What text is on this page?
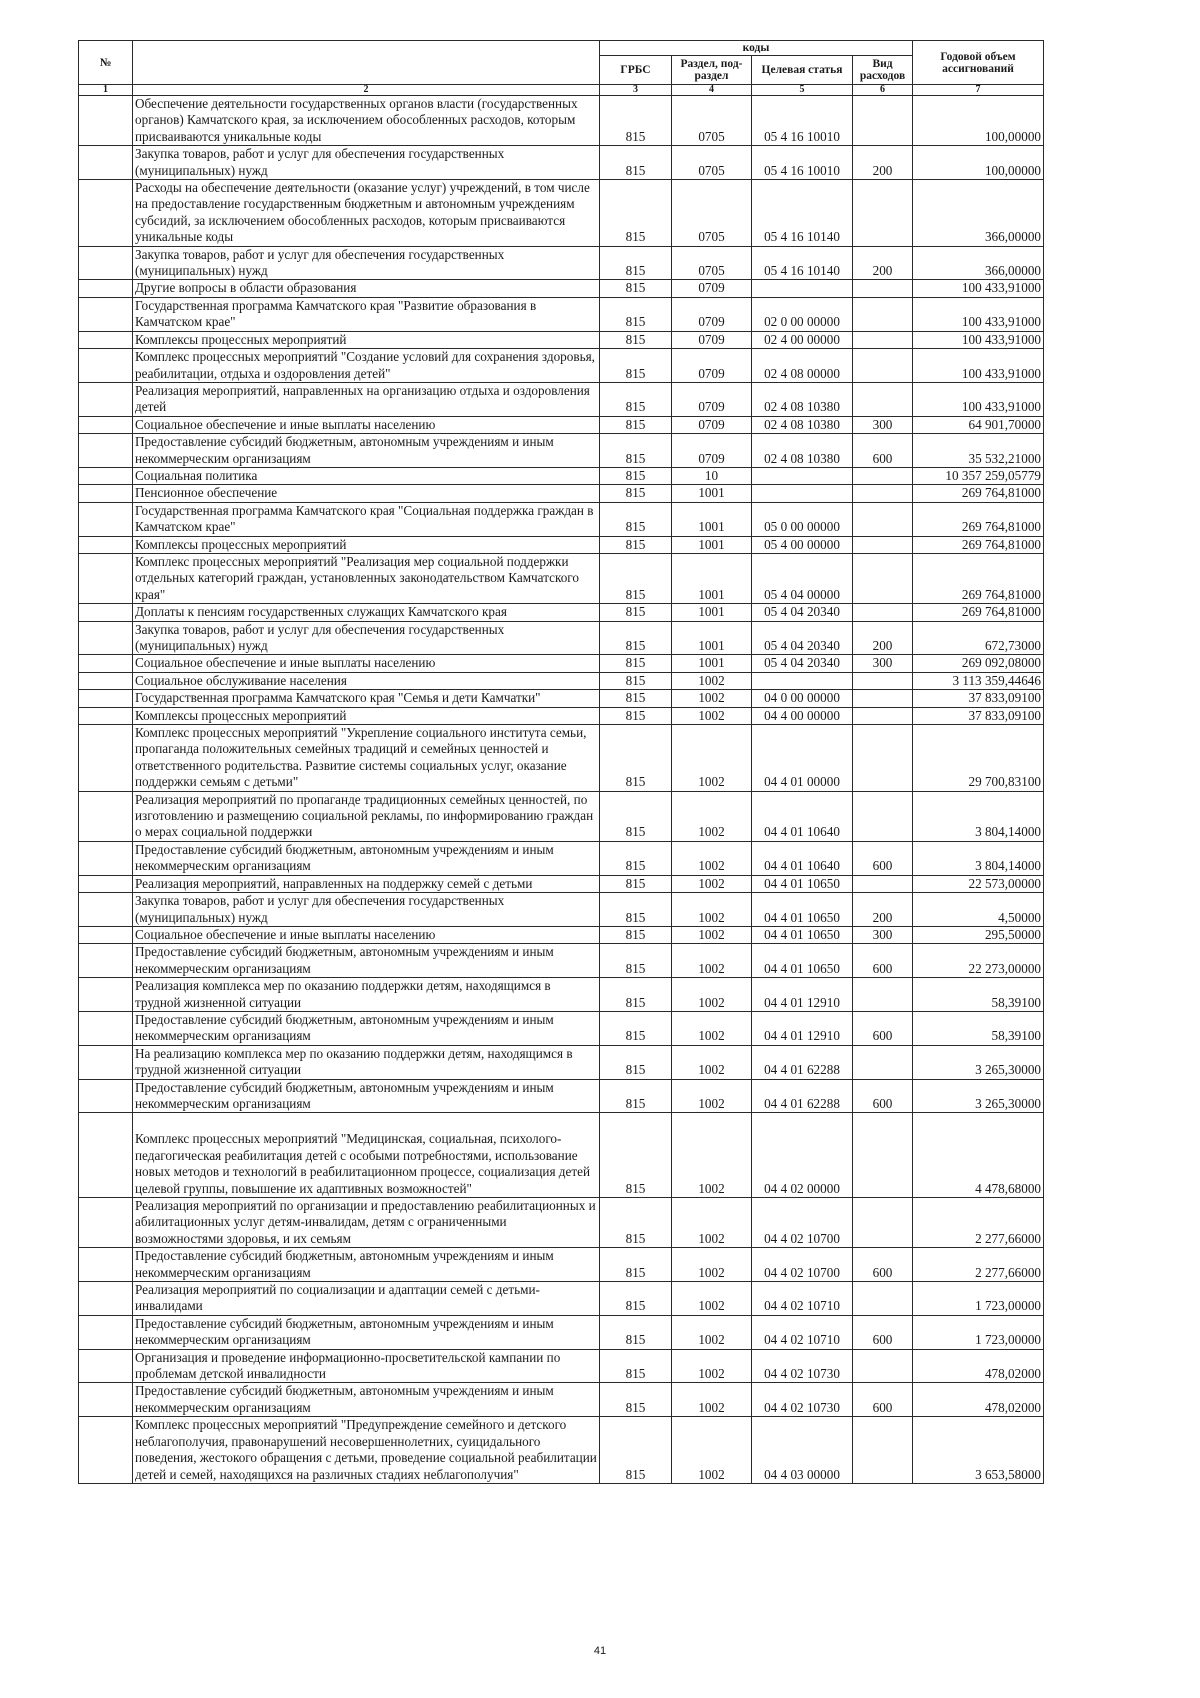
№		коды				Годовой объем ассигнований
		ГРБС	Раздел, под-раздел	Целевая статья	Вид расходов	
1	2	3	4	5	6	7
	Обеспечение деятельности государственных органов власти (государственных органов) Камчатского края, за исключением обособленных расходов, которым присваиваются уникальные коды	815	0705	05 4 16 10010		100,00000
	Закупка товаров, работ и услуг для обеспечения государственных (муниципальных) нужд	815	0705	05 4 16 10010	200	100,00000
	Расходы на обеспечение деятельности (оказание услуг) учреждений, в том числе на предоставление государственным бюджетным и автономным учреждениям субсидий, за исключением обособленных расходов, которым присваиваются уникальные коды	815	0705	05 4 16 10140		366,00000
	Закупка товаров, работ и услуг для обеспечения государственных (муниципальных) нужд	815	0705	05 4 16 10140	200	366,00000
	Другие вопросы в области образования	815	0709			100 433,91000
	Государственная программа Камчатского края "Развитие образования в Камчатском крае"	815	0709	02 0 00 00000		100 433,91000
	Комплексы процессных мероприятий	815	0709	02 4 00 00000		100 433,91000
	Комплекс процессных мероприятий "Создание условий для сохранения здоровья, реабилитации, отдыха и оздоровления детей"	815	0709	02 4 08 00000		100 433,91000
	Реализация мероприятий, направленных на организацию отдыха и оздоровления детей	815	0709	02 4 08 10380		100 433,91000
	Социальное обеспечение и иные выплаты населению	815	0709	02 4 08 10380	300	64 901,70000
	Предоставление субсидий бюджетным, автономным учреждениям и иным некоммерческим организациям	815	0709	02 4 08 10380	600	35 532,21000
	Социальная политика	815	10			10 357 259,05779
	Пенсионное обеспечение	815	1001			269 764,81000
	Государственная программа Камчатского края "Социальная поддержка граждан в Камчатском крае"	815	1001	05 0 00 00000		269 764,81000
	Комплексы процессных мероприятий	815	1001	05 4 00 00000		269 764,81000
	Комплекс процессных мероприятий "Реализация мер социальной поддержки отдельных категорий граждан, установленных законодательством Камчатского края"	815	1001	05 4 04 00000		269 764,81000
	Доплаты к пенсиям государственных служащих Камчатского края	815	1001	05 4 04 20340		269 764,81000
	Закупка товаров, работ и услуг для обеспечения государственных (муниципальных) нужд	815	1001	05 4 04 20340	200	672,73000
	Социальное обеспечение и иные выплаты населению	815	1001	05 4 04 20340	300	269 092,08000
	Социальное обслуживание населения	815	1002			3 113 359,44646
	Государственная программа Камчатского края "Семья и дети Камчатки"	815	1002	04 0 00 00000		37 833,09100
	Комплексы процессных мероприятий	815	1002	04 4 00 00000		37 833,09100
	Комплекс процессных мероприятий "Укрепление социального института семьи, пропаганда положительных семейных традиций и семейных ценностей и ответственного родительства. Развитие системы социальных услуг, оказание поддержки семьям с детьми"	815	1002	04 4 01 00000		29 700,83100
	Реализация мероприятий по пропаганде традиционных семейных ценностей, по изготовлению и размещению социальной рекламы, по информированию граждан о мерах социальной поддержки	815	1002	04 4 01 10640		3 804,14000
	Предоставление субсидий бюджетным, автономным учреждениям и иным некоммерческим организациям	815	1002	04 4 01 10640	600	3 804,14000
	Реализация мероприятий, направленных на поддержку семей с детьми	815	1002	04 4 01 10650		22 573,00000
	Закупка товаров, работ и услуг для обеспечения государственных (муниципальных) нужд	815	1002	04 4 01 10650	200	4,50000
	Социальное обеспечение и иные выплаты населению	815	1002	04 4 01 10650	300	295,50000
	Предоставление субсидий бюджетным, автономным учреждениям и иным некоммерческим организациям	815	1002	04 4 01 10650	600	22 273,00000
	Реализация комплекса мер по оказанию поддержки детям, находящимся в трудной жизненной ситуации	815	1002	04 4 01 12910		58,39100
	Предоставление субсидий бюджетным, автономным учреждениям и иным некоммерческим организациям	815	1002	04 4 01 12910	600	58,39100
	На реализацию комплекса мер по оказанию поддержки детям, находящимся в трудной жизненной ситуации	815	1002	04 4 01 62288		3 265,30000
	Предоставление субсидий бюджетным, автономным учреждениям и иным некоммерческим организациям	815	1002	04 4 01 62288	600	3 265,30000
	Комплекс процессных мероприятий "Медицинская, социальная, психолого-педагогическая реабилитация детей с особыми потребностями, использование новых методов и технологий в реабилитационном процессе, социализация детей целевой группы, повышение их адаптивных возможностей"	815	1002	04 4 02 00000		4 478,68000
	Реализация мероприятий по организации и предоставлению реабилитационных и абилитационных услуг детям-инвалидам, детям с ограниченными возможностями здоровья, и их семьям	815	1002	04 4 02 10700		2 277,66000
	Предоставление субсидий бюджетным, автономным учреждениям и иным некоммерческим организациям	815	1002	04 4 02 10700	600	2 277,66000
	Реализация мероприятий по социализации и адаптации семей с детьми-инвалидами	815	1002	04 4 02 10710		1 723,00000
	Предоставление субсидий бюджетным, автономным учреждениям и иным некоммерческим организациям	815	1002	04 4 02 10710	600	1 723,00000
	Организация и проведение информационно-просветительской кампании по проблемам детской инвалидности	815	1002	04 4 02 10730		478,02000
	Предоставление субсидий бюджетным, автономным учреждениям и иным некоммерческим организациям	815	1002	04 4 02 10730	600	478,02000
	Комплекс процессных мероприятий "Предупреждение семейного и детского неблагополучия, правонарушений несовершеннолетних, суицидального поведения, жестокого обращения с детьми, проведение социальной реабилитации детей и семей, находящихся на различных стадиях неблагополучия"	815	1002	04 4 03 00000		3 653,58000
41
